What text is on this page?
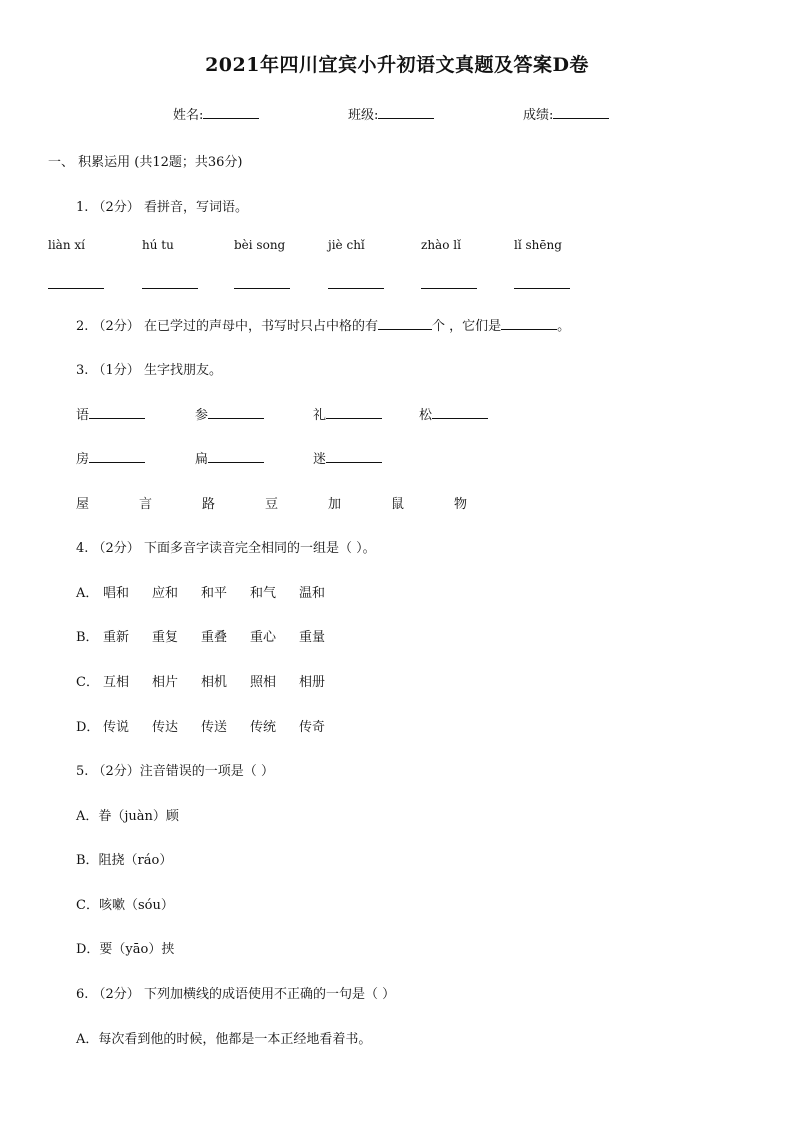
2021年四川宜宾小升初语文真题及答案D卷
姓名:	班级:	成绩:
一、 积累运用 (共12题；共36分)
1. （2分） 看拼音，写词语。
liàn xí	hú tu	bèi song	jiè chǐ	zhào lǐ	lǐ shēng
2. （2分） 在已学过的声母中，书写时只占中格的有	个 ，它们是	。
3. （1分） 生字找朋友。
语	参	礼	松
房	扁	迷
屋	言	路	豆	加	鼠	物
4. （2分） 下面多音字读音完全相同的一组是（ ）。
A． 唱和 应和 和平 和气 温和
B． 重新 重复 重叠 重心 重量
C． 互相 相片 相机 照相 相册
D． 传说 传达 传送 传统 传奇
5. （2分）注音错误的一项是（ ）
A．眷（juàn）顾
B．阻挠（ráo）
C．咳嗽（sóu）
D．要（yāo）挟
6. （2分） 下列加横线的成语使用不正确的一句是（ ）
A．每次看到他的时候，他都是一本正经地看着书。
